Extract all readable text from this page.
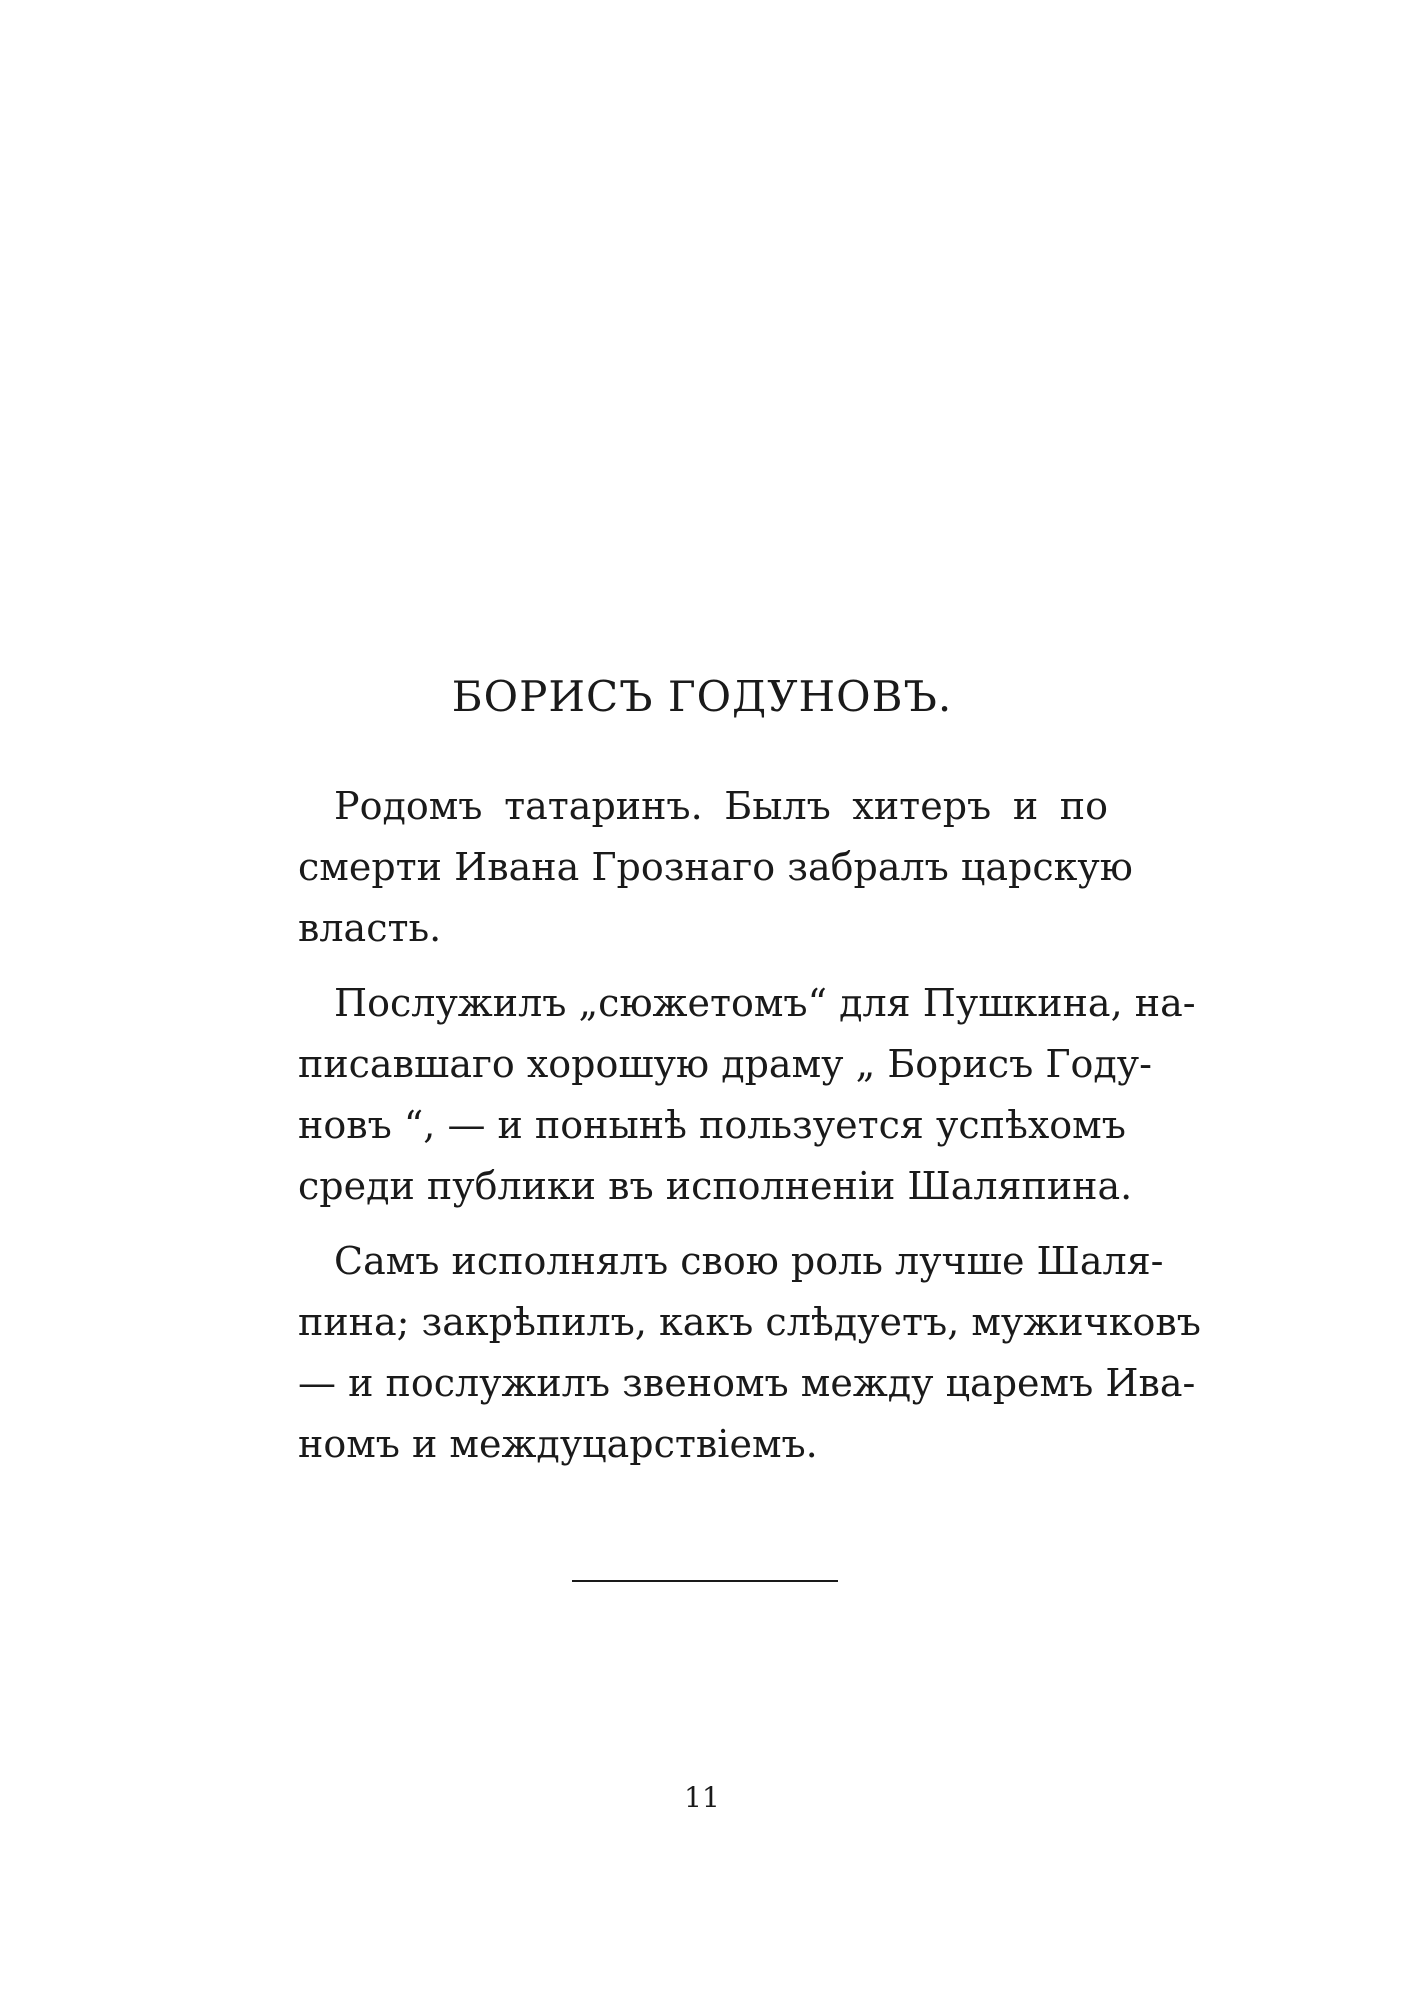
БОРИСЪ ГОДУНОВЪ.
Родомъ татаринъ. Былъ хитеръ и по
смерти Ивана Грознаго забралъ царскую
власть.
Послужилъ „сюжетомъ“ для Пушкина, на-
писавшаго хорошую драму „ Борисъ Году-
новъ “, — и понынѣ пользуется успѣхомъ
среди публики въ исполненіи Шаляпина.
Самъ исполнялъ свою роль лучше Шаля-
пина; закрѣпилъ, какъ слѣдуетъ, мужичковъ
— и послужилъ звеномъ между царемъ Ива-
номъ и междуцарствіемъ.
11
